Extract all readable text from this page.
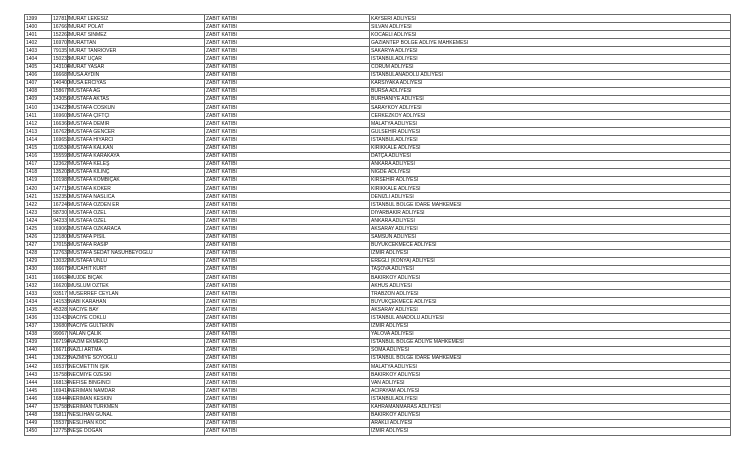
1399	127817	MURAT LEKESIZ	ZABIT KATIBI	KAYSERI ADLIYESI
1400	167667	MURAT POLAT	ZABIT KATIBI	SILVAN ADLIYESI
1401	152262	MURAT SINMEZ	ZABIT KATIBI	KOCAELI ADLIYESI
1402	169707	MURATTAN	ZABIT KATIBI	GAZIANTEP BOLGE ADLIYE MAHKEMESI
1403	79135	MURAT TANRIOVER	ZABIT KATIBI	SAKARYA ADLIYESI
1404	150233	MURAT UÇAR	ZABIT KATIBI	ISTANBULADLIYESI
1405	143104	MURAT YASAR	ZABIT KATIBI	CORUM ADLIYESI
1406	166687	MUSA AYDIN	ZABIT KATIBI	ISTANBULANADOLU ADLIYESI
1407	140400	MUSA ERCIYAS	ZABIT KATIBI	KARSIYAKA ADLIYESI
1408	158677	MUSTAFA AG	ZABIT KATIBI	BURSA ADLIYESI
1409	143056	MUSTAFA AKTAS	ZABIT KATIBI	BURHANIYE ADLIYESI
1410	134228	MUSTAFA COSKUN	ZABIT KATIBI	SARAYKOY ADLIYESI
1411	169603	MUSTAFA ÇIFTÇI	ZABIT KATIBI	CERKEZKOY ADLIYESI
1412	166366	MUSTAFA DEMIR	ZABIT KATIBI	MALATYA ADLIYESI
1413	167628	MUSTAFA GENCER	ZABIT KATIBI	GULSEHIR ADLIYESI
1414	169651	MUSTAFA HIYARCI	ZABIT KATIBI	ISTANBULADLIYESI
1415	116536	MUSTAFA KALKAN	ZABIT KATIBI	KIRIKKALE ADLIYESI
1416	155593	MUSTAFA KARAKAYA	ZABIT KATIBI	DATÇA ADLIYESI
1417	123627	MUSTAFA KELEŞ	ZABIT KATIBI	ANKARA ADLIYESI
1418	135203	MUSTAFA KILINÇ	ZABIT KATIBI	NIGDE ADLIYESI
1419	101987	MUSTAFA KOMBIÇAK	ZABIT KATIBI	KIRSEHIR ADLIYESI
1420	147715	MUSTAFA KOKER	ZABIT KATIBI	KIRIKKALE ADLIYESI
1421	152350	MUSTAFA NASLICA	ZABIT KATIBI	DENIZLI ADLIYESI
1422	167246	MUSTAFA OZDEN ER	ZABIT KATIBI	ISTANBUL BOLGE IDARE MAHKEMESI
1423	58730	MUSTAFA OZEL	ZABIT KATIBI	DIYARBAKIR ADLIYESI
1424	94233	MUSTAFA OZEL	ZABIT KATIBI	ANKARA ADLIYESI
1425	169062	MUSTAFA OZKARACA	ZABIT KATIBI	AKSARAY ADLIYESI
1426	121800	MUSTAFA PISIL	ZABIT KATIBI	SAMSUN ADLIYESI
1427	170153	MUSTAFA RASIP	ZABIT KATIBI	BUYUKCEKMECE ADLIYESI
1428	127632	MUSTAFA SEDAT NASUHBEYOGLU	ZABIT KATIBI	IZMIR ADLIYESI
1429	130322	MUSTAFA UNLU	ZABIT KATIBI	EREGLI (KONYA) ADLIYESI
1430	166675	MUCAHIT KURT	ZABIT KATIBI	TAŞOVA ADLIYESI
1431	166634	MUJDE BIÇAK	ZABIT KATIBI	BAKIRKOY ADLIYESI
1432	166201	MUSLUM OZTEK	ZABIT KATIBI	AKHUS ADLIYESI
1433	93517	MUSERREF CEYLAN	ZABIT KATIBI	TRABZON ADLIYESI
1434	141535	NABI KARAHAN	ZABIT KATIBI	BUYUKÇEKMECE ADLIYESI
1435	45328	NACIYE BAY	ZABIT KATIBI	AKSARAY ADLIYESI
1436	131431	NACIYE COKLU	ZABIT KATIBI	ISTANBUL ANADOLU ADLIYESI
1437	136807	NACIYE GULTEKIN	ZABIT KATIBI	IZMIR ADLIYESI
1438	99067	NALAN ÇALIK	ZABIT KATIBI	YALOVA ADLIYESI
1439	167194	NAZIM EKMEKÇI	ZABIT KATIBI	ISTANBUL BOLGE ADLIYE MAHKEMESI
1440	166716	NAZLI ARTMA	ZABIT KATIBI	SOMA ADLIYESI
1441	136228	NAZMIYE SOYOGLU	ZABIT KATIBI	ISTANBUL BOLGE IDARE MAHKEMESI
1442	165376	NECMETTIN IŞIK	ZABIT KATIBI	MALATYA ADLIYESI
1443	157586	NECMIYE OZESKI	ZABIT KATIBI	BAKIRKOY ADLIYESI
1444	168134	NEFISE BINGINCI	ZABIT KATIBI	VAN ADLIYESI
1445	169414	NERIMAN NAMDAR	ZABIT KATIBI	ACIPAYAM ADLIYESI
1446	168444	NERIMAN KESKIN	ZABIT KATIBI	ISTANBULADLIYESI
1447	157588	NERIMAN TURKMEN	ZABIT KATIBI	KAHRAMANMARAS ADLIYESI
1448	158117	NESLIHAN GUNAL	ZABIT KATIBI	BAKIRKOY ADLIYESI
1449	155371	NESLIHAN KOC	ZABIT KATIBI	ARAKLI ADLIYESI
1450	127753	NEŞE DOGAN	ZABIT KATIBI	IZMIR ADLIYESI
